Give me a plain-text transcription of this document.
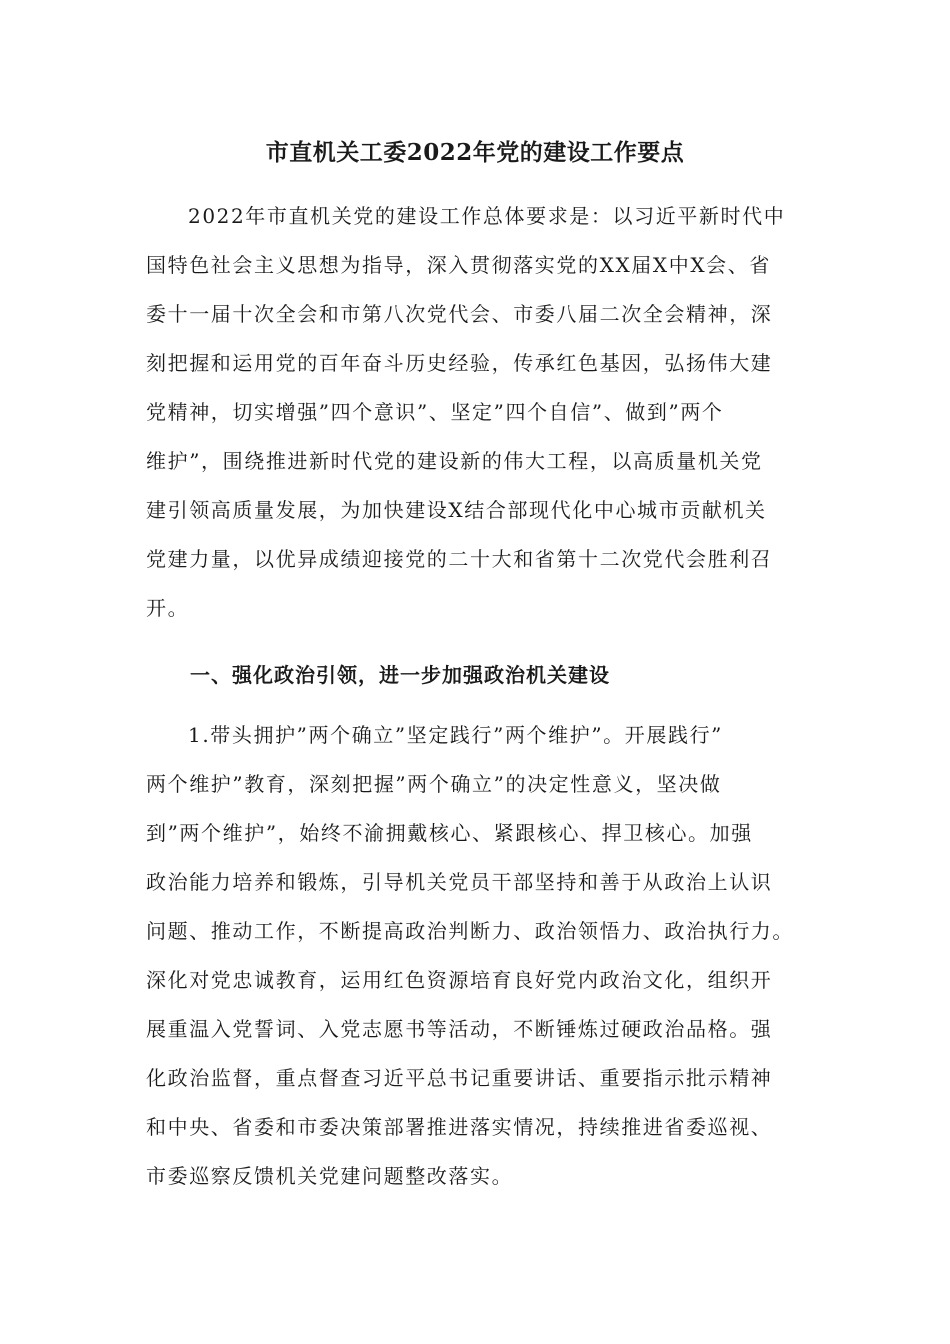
市直机关工委2022年党的建设工作要点
2022年市直机关党的建设工作总体要求是：以习近平新时代中
国特色社会主义思想为指导，深入贯彻落实党的XX届X中X会、省
委十一届十次全会和市第八次党代会、市委八届二次全会精神，深
刻把握和运用党的百年奋斗历史经验，传承红色基因，弘扬伟大建
党精神，切实增强”四个意识”、坚定”四个自信”、做到”两个
维护”，围绕推进新时代党的建设新的伟大工程，以高质量机关党
建引领高质量发展，为加快建设X结合部现代化中心城市贡献机关
党建力量，以优异成绩迎接党的二十大和省第十二次党代会胜利召
开。
一、强化政治引领，进一步加强政治机关建设
1.带头拥护”两个确立”坚定践行”两个维护”。开展践行”
两个维护”教育，深刻把握”两个确立”的决定性意义，坚决做
到”两个维护”，始终不渝拥戴核心、紧跟核心、捍卫核心。加强
政治能力培养和锻炼，引导机关党员干部坚持和善于从政治上认识
问题、推动工作，不断提高政治判断力、政治领悟力、政治执行力。
深化对党忠诚教育，运用红色资源培育良好党内政治文化，组织开
展重温入党誓词、入党志愿书等活动，不断锤炼过硬政治品格。强
化政治监督，重点督查习近平总书记重要讲话、重要指示批示精神
和中央、省委和市委决策部署推进落实情况，持续推进省委巡视、
市委巡察反馈机关党建问题整改落实。
